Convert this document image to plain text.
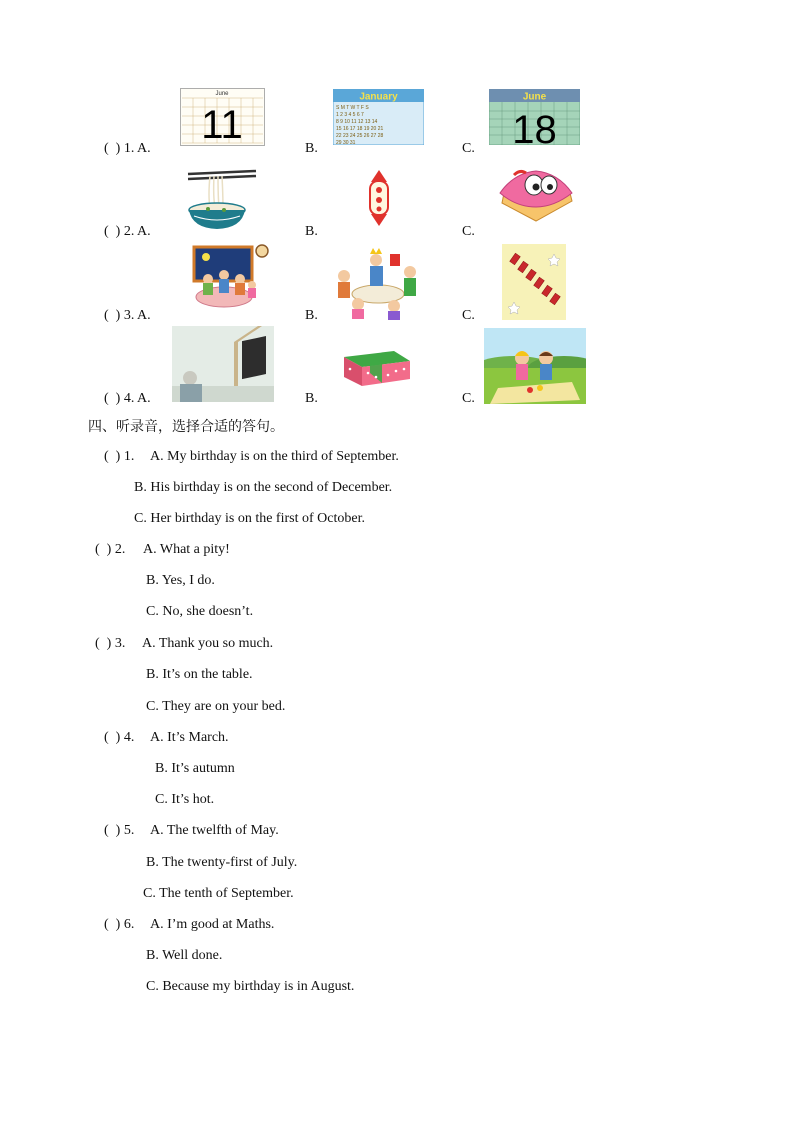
(  ) 1. A.	B.	C.
June
11
January
S M T W T F S
1 2 3 4 5 6 7
8 9 10 11 12 13 14
15 16 17 18 19 20 21
22 23 24 25 26 27 28
29 30 31
June
18
(  ) 2. A.	B.	C.
(  ) 3. A.	B.	C.
(  ) 4. A.	B.	C.
四、听录音，选择合适的答句。
(  ) 1. A. My birthday is on the third of September.
B. His birthday is on the second of December.
C. Her birthday is on the first of October.
(  ) 2. A. What a pity!
B. Yes, I do.
C. No, she doesn’t.
(  ) 3. A. Thank you so much.
B. It’s on the table.
C. They are on your bed.
(  ) 4. A. It’s March.
B. It’s autumn
C. It’s hot.
(  ) 5. A. The twelfth of May.
B. The twenty-first of July.
C. The tenth of September.
(  ) 6. A. I’m good at Maths.
B. Well done.
C. Because my birthday is in August.
